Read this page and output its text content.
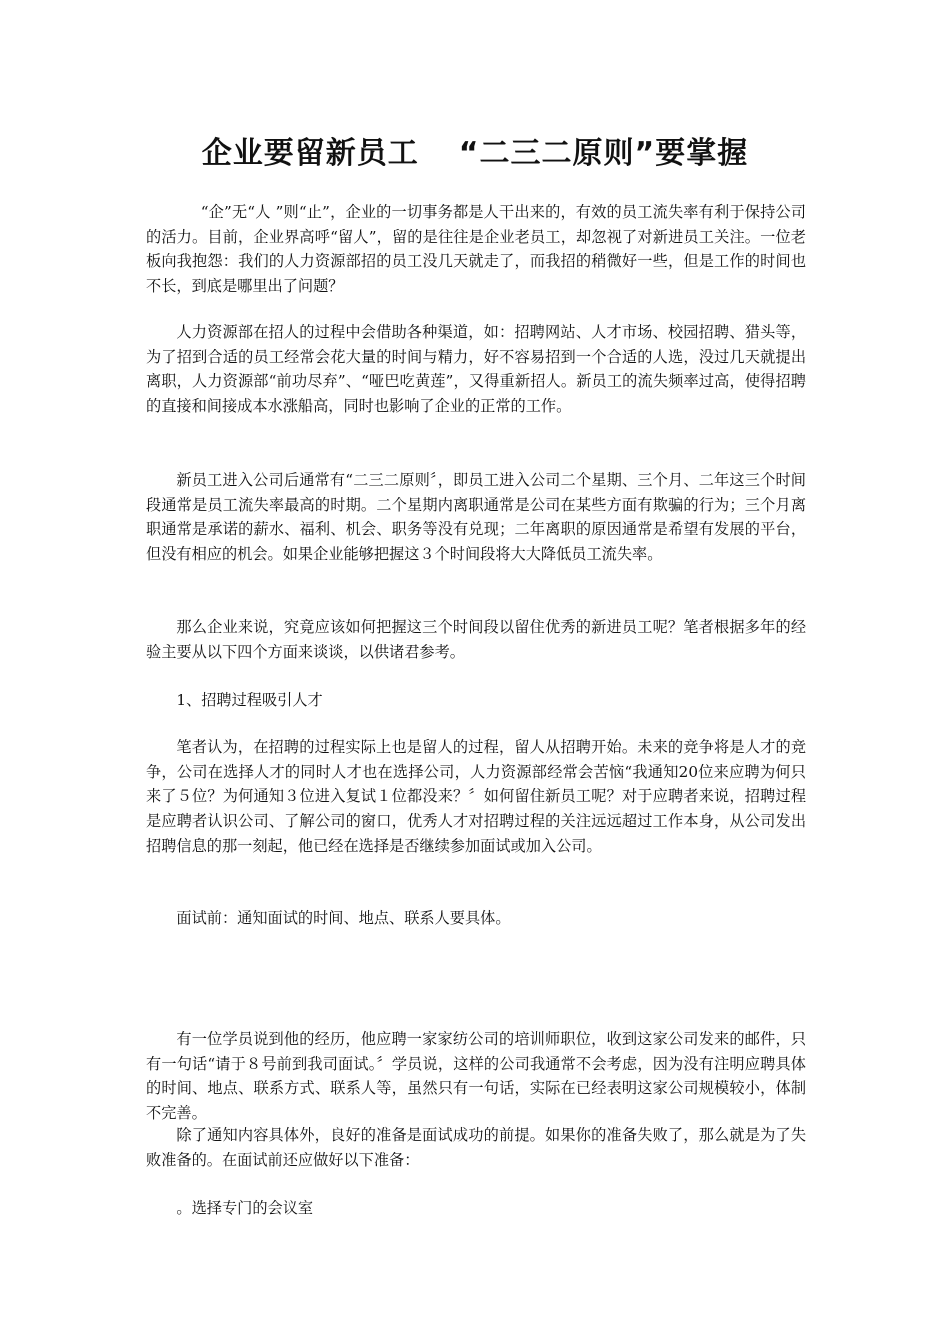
企业要留新员工 “二三二原则”要掌握

“企”无“人 ”则“止”，企业的一切事务都是人干出来的，有效的员工流失率有利于保持公司的活力。目前，企业界高呼“留人”，留的是往往是企业老员工，却忽视了对新进员工关注。一位老板向我抱怨：我们的人力资源部招的员工没几天就走了，而我招的稍微好一些，但是工作的时间也不长，到底是哪里出了问题？

人力资源部在招人的过程中会借助各种渠道，如：招聘网站、人才市场、校园招聘、猎头等，为了招到合适的员工经常会花大量的时间与精力，好不容易招到一个合适的人选，没过几天就提出离职，人力资源部“前功尽弃”、“哑巴吃黄莲”，又得重新招人。新员工的流失频率过高，使得招聘的直接和间接成本水涨船高，同时也影响了企业的正常的工作。

新员工进入公司后通常有“二三二原则〞，即员工进入公司二个星期、三个月、二年这三个时间段通常是员工流失率最高的时期。二个星期内离职通常是公司在某些方面有欺骗的行为；三个月离职通常是承诺的薪水、福利、机会、职务等没有兑现；二年离职的原因通常是希望有发展的平台，但没有相应的机会。如果企业能够把握这３个时间段将大大降低员工流失率。

那么企业来说，究竟应该如何把握这三个时间段以留住优秀的新进员工呢？笔者根据多年的经验主要从以下四个方面来谈谈，以供诸君参考。

1、招聘过程吸引人才

笔者认为，在招聘的过程实际上也是留人的过程，留人从招聘开始。未来的竞争将是人才的竞争，公司在选择人才的同时人才也在选择公司，人力资源部经常会苦恼“我通知20位来应聘为何只来了５位？为何通知３位进入复试１位都没来？〞如何留住新员工呢？对于应聘者来说，招聘过程是应聘者认识公司、了解公司的窗口，优秀人才对招聘过程的关注远远超过工作本身，从公司发出招聘信息的那一刻起，他已经在选择是否继续参加面试或加入公司。

面试前：通知面试的时间、地点、联系人要具体。

有一位学员说到他的经历，他应聘一家家纺公司的培训师职位，收到这家公司发来的邮件，只有一句话“请于８号前到我司面试。〞学员说，这样的公司我通常不会考虑，因为没有注明应聘具体的时间、地点、联系方式、联系人等，虽然只有一句话，实际在已经表明这家公司规模较小，体制不完善。

除了通知内容具体外，良好的准备是面试成功的前提。如果你的准备失败了，那么就是为了失败准备的。在面试前还应做好以下准备：

。选择专门的会议室
